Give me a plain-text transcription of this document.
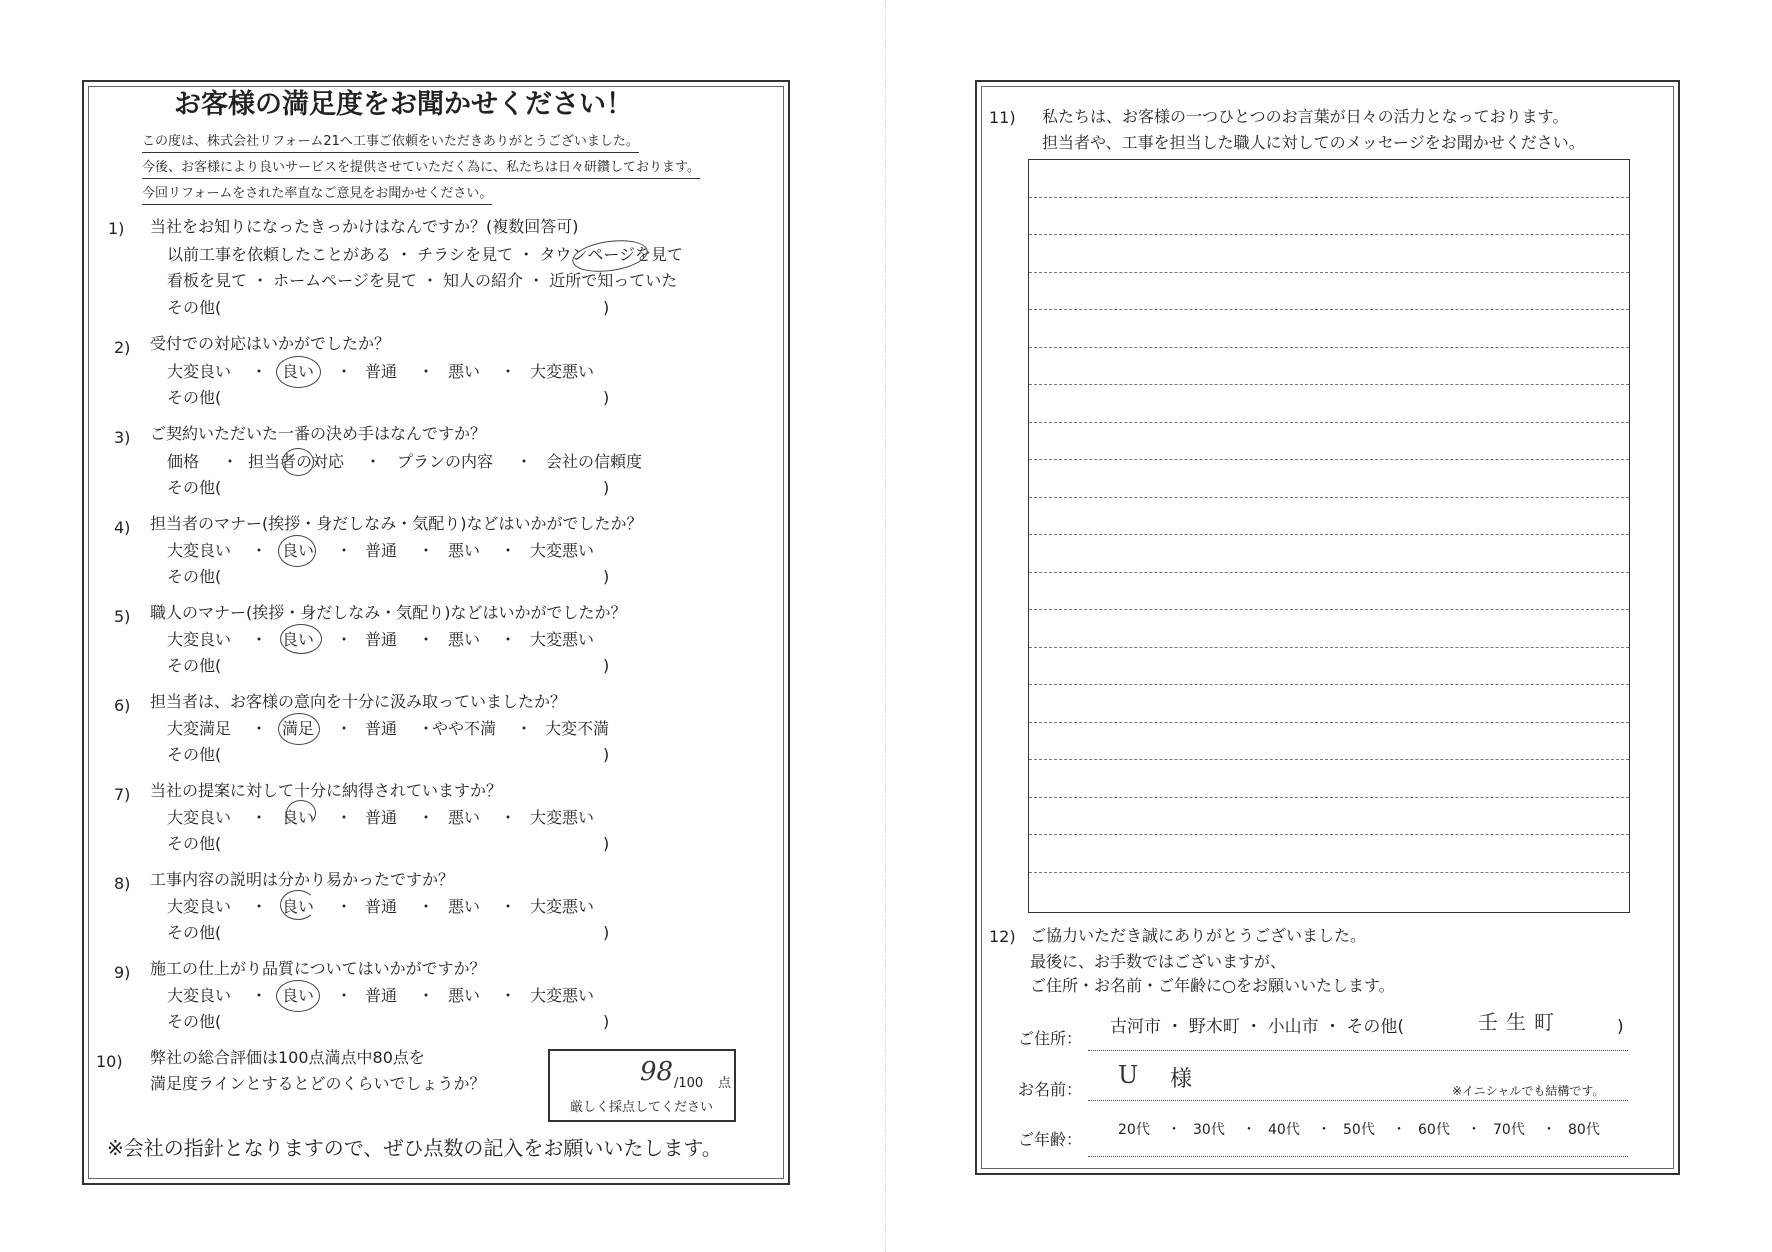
お客様の満足度をお聞かせください！
この度は、株式会社リフォーム21へ工事ご依頼をいただきありがとうございました。
今後、お客様により良いサービスを提供させていただく為に、私たちは日々研鑽しております。
今回リフォームをされた率直なご意見をお聞かせください。
1) 当社をお知りになったきっかけはなんですか？(複数回答可)
以前工事を依頼したことがある ・ チラシを見て ・ タウンページを見て
看板を見て ・ ホームページを見て ・ 知人の紹介 ・ 近所で知っていた
その他(	)
2) 受付での対応はいかがでしたか？
大変良い ・ 良い ・ 普通 ・ 悪い ・ 大変悪い
その他(	)
3) ご契約いただいた一番の決め手はなんですか？
価格 ・ 担当者の対応 ・ プランの内容 ・ 会社の信頼度
その他(	)
4) 担当者のマナー(挨拶・身だしなみ・気配り)などはいかがでしたか？
大変良い ・ 良い ・ 普通 ・ 悪い ・ 大変悪い
その他(	)
5) 職人のマナー(挨拶・身だしなみ・気配り)などはいかがでしたか？
大変良い ・ 良い ・ 普通 ・ 悪い ・ 大変悪い
その他(	)
6) 担当者は、お客様の意向を十分に汲み取っていましたか？
大変満足 ・ 満足 ・ 普通 ・
やや不満 ・ 大変不満
その他(	)
7) 当社の提案に対して十分に納得されていますか？
大変良い ・ 良い ・ 普通 ・ 悪い ・ 大変悪い
その他(	)
8) 工事内容の説明は分かり易かったですか？
大変良い ・ 良い ・ 普通 ・ 悪い ・ 大変悪い
その他(	)
9) 施工の仕上がり品質についてはいかがですか？
大変良い ・ 良い ・ 普通 ・ 悪い ・ 大変悪い
その他(	)
10) 弊社の総合評価は100点満点中80点を
満足度ラインとするとどのくらいでしょうか？	98 /100 点
厳しく採点してください
※会社の指針となりますので、ぜひ点数の記入をお願いいたします。
11) 私たちは、お客様の一つひとつのお言葉が日々の活力となっております。
担当者や、工事を担当した職人に対してのメッセージをお聞かせください。
12) ご協力いただき誠にありがとうございました。
最後に、お手数ではございますが、
ご住所・お名前・ご年齢に○をお願いいたします。
ご住所：
古河市 ・ 野木町 ・ 小山市 ・ その他(	壬生町	)
お名前：
U 様	※イニシャルでも結構です。
ご年齢：	20代 ・ 30代 ・ 40代 ・ 50代 ・ 60代 ・ 70代 ・ 80代
